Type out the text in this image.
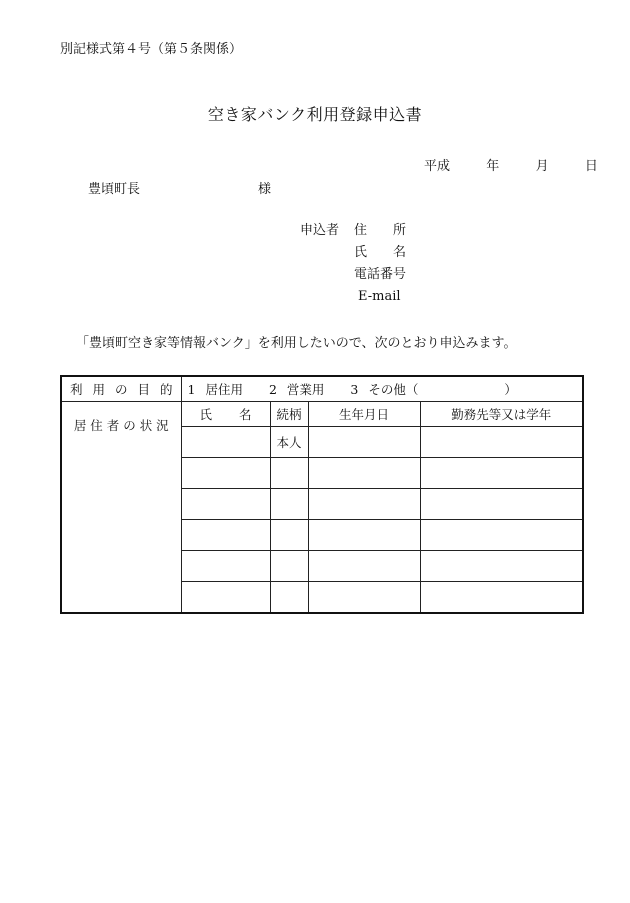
別記様式第４号（第５条関係）
空き家バンク利用登録申込書
平成	年	月	日
豊頃町長	様
申込者	住 所
氏 名
電話番号
E-mail
「豊頃町空き家等情報バンク」を利用したいので、次のとおり申込みます。
利 用 の 目 的	1 居住用 2 営業用 3 その他（ ）			
居 住 者 の 状 況	氏 名	続柄	生年月日	勤務先等又は学年
		本人		
